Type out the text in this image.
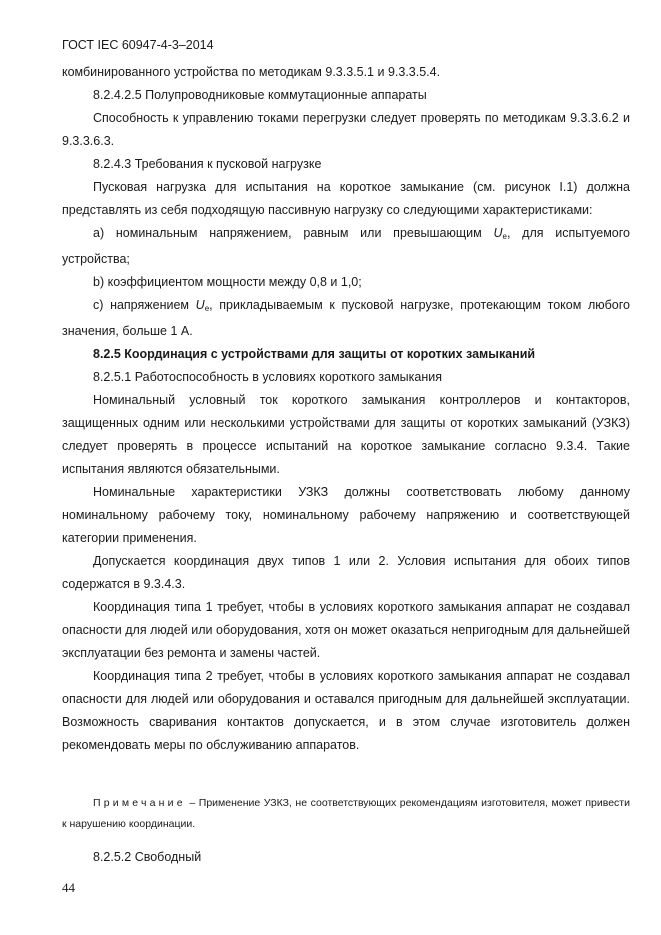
ГОСТ IEC 60947-4-3–2014

комбинированного устройства по методикам 9.3.3.5.1 и 9.3.3.5.4.

8.2.4.2.5 Полупроводниковые коммутационные аппараты

Способность к управлению токами перегрузки следует проверять по методикам 9.3.3.6.2 и 9.3.3.6.3.

8.2.4.3 Требования к пусковой нагрузке

Пусковая нагрузка для испытания на короткое замыкание (см. рисунок I.1) должна представлять из себя подходящую пассивную нагрузку со следующими характеристиками:

a) номинальным напряжением, равным или превышающим $U_e$, для испытуемого устройства;

b) коэффициентом мощности между 0,8 и 1,0;

c) напряжением $U_e$, прикладываемым к пусковой нагрузке, протекающим током любого значения, больше 1 А.

8.2.5 Координация с устройствами для защиты от коротких замыканий

8.2.5.1 Работоспособность в условиях короткого замыкания

Номинальный условный ток короткого замыкания контроллеров и контакторов, защищенных одним или несколькими устройствами для защиты от коротких замыканий (УЗКЗ) следует проверять в процессе испытаний на короткое замыкание согласно 9.3.4. Такие испытания являются обязательными.

Номинальные характеристики УЗКЗ должны соответствовать любому данному номинальному рабочему току, номинальному рабочему напряжению и соответствующей категории применения.

Допускается координация двух типов 1 или 2. Условия испытания для обоих типов содержатся в 9.3.4.3.

Координация типа 1 требует, чтобы в условиях короткого замыкания аппарат не создавал опасности для людей или оборудования, хотя он может оказаться непригодным для дальнейшей эксплуатации без ремонта и замены частей.

Координация типа 2 требует, чтобы в условиях короткого замыкания аппарат не создавал опасности для людей или оборудования и оставался пригодным для дальнейшей эксплуатации. Возможность сваривания контактов допускается, и в этом случае изготовитель должен рекомендовать меры по обслуживанию аппаратов.

Примечание – Применение УЗКЗ, не соответствующих рекомендациям изготовителя, может привести к нарушению координации.

8.2.5.2 Свободный
44
